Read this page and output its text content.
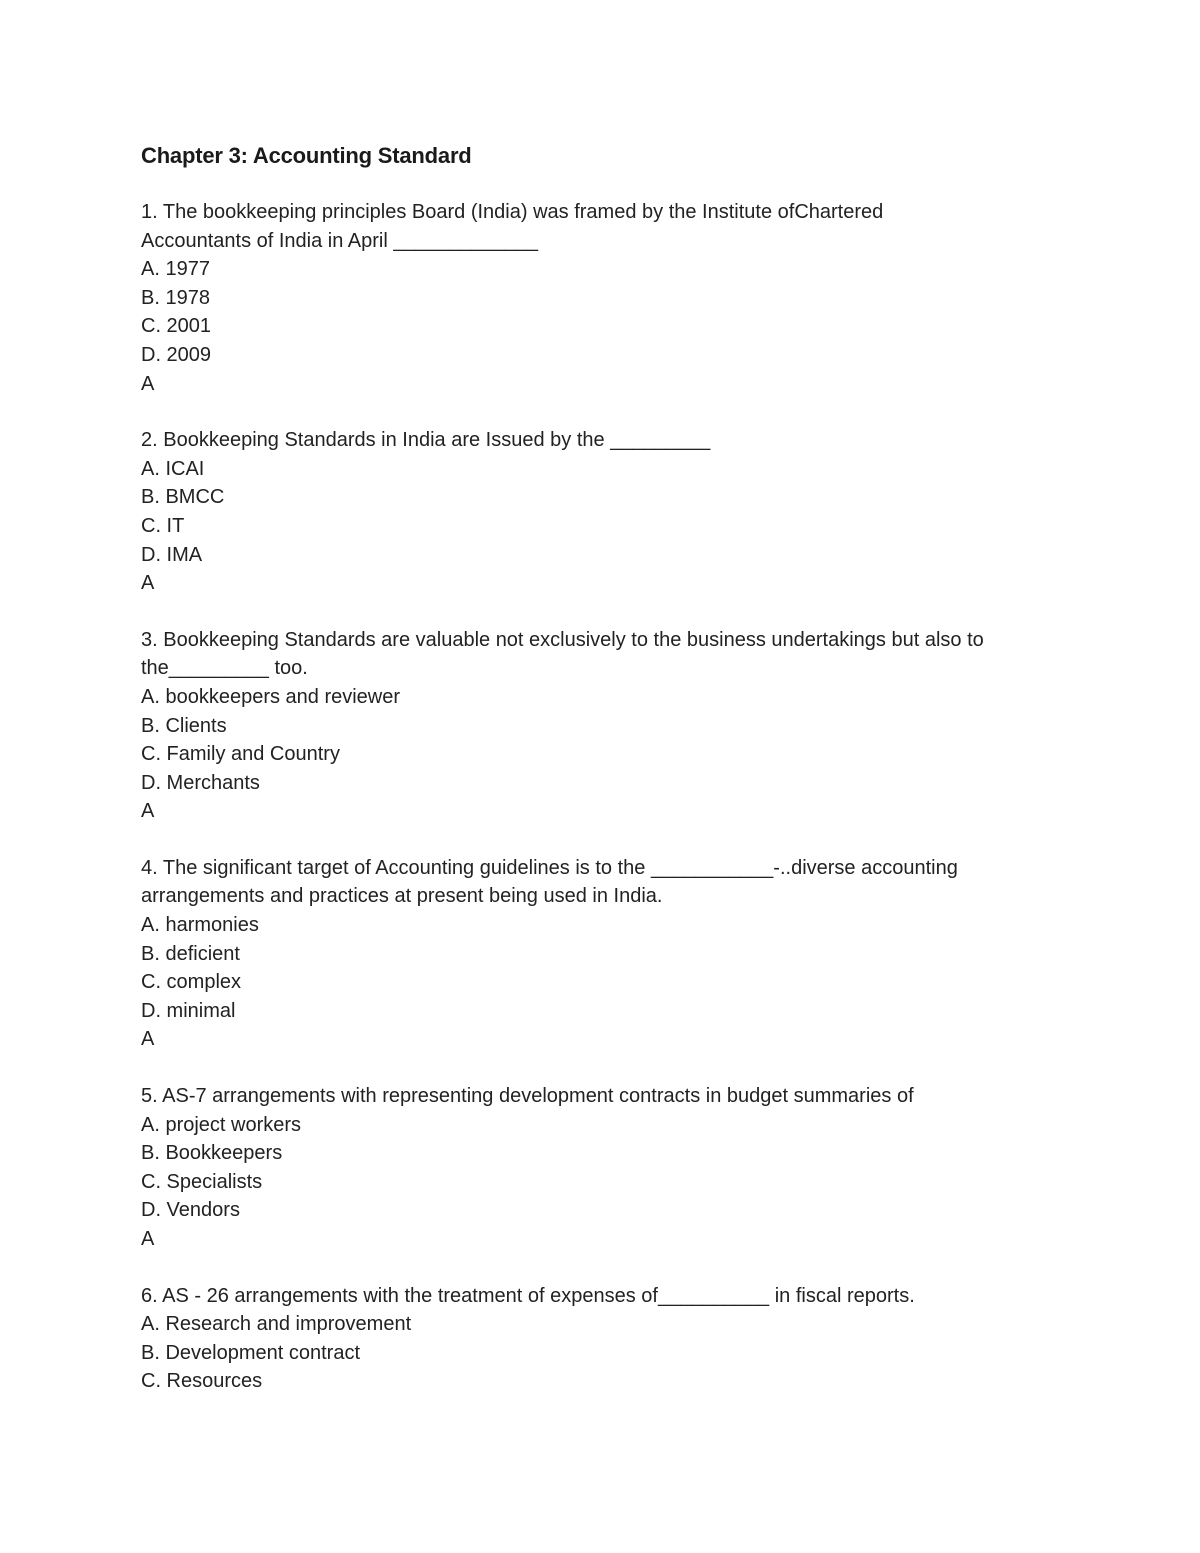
Chapter 3: Accounting Standard

1. The bookkeeping principles Board (India) was framed by the Institute ofChartered

Accountants of India in April _____________

A. 1977

B. 1978

C. 2001

D. 2009

A

2. Bookkeeping Standards in India are Issued by the _________

A. ICAI

B. BMCC

C. IT

D. IMA

A

3. Bookkeeping Standards are valuable not exclusively to the business undertakings but also to

the_________ too.

A. bookkeepers and reviewer

B. Clients

C. Family and Country

D. Merchants

A

4. The significant target of Accounting guidelines is to the ___________-..diverse accounting

arrangements and practices at present being used in India.

A. harmonies

B. deficient

C. complex

D. minimal

A

5. AS-7 arrangements with representing development contracts in budget summaries of

A. project workers

B. Bookkeepers

C. Specialists

D. Vendors

A

6. AS - 26 arrangements with the treatment of expenses of__________ in fiscal reports.

A. Research and improvement

B. Development contract

C. Resources
